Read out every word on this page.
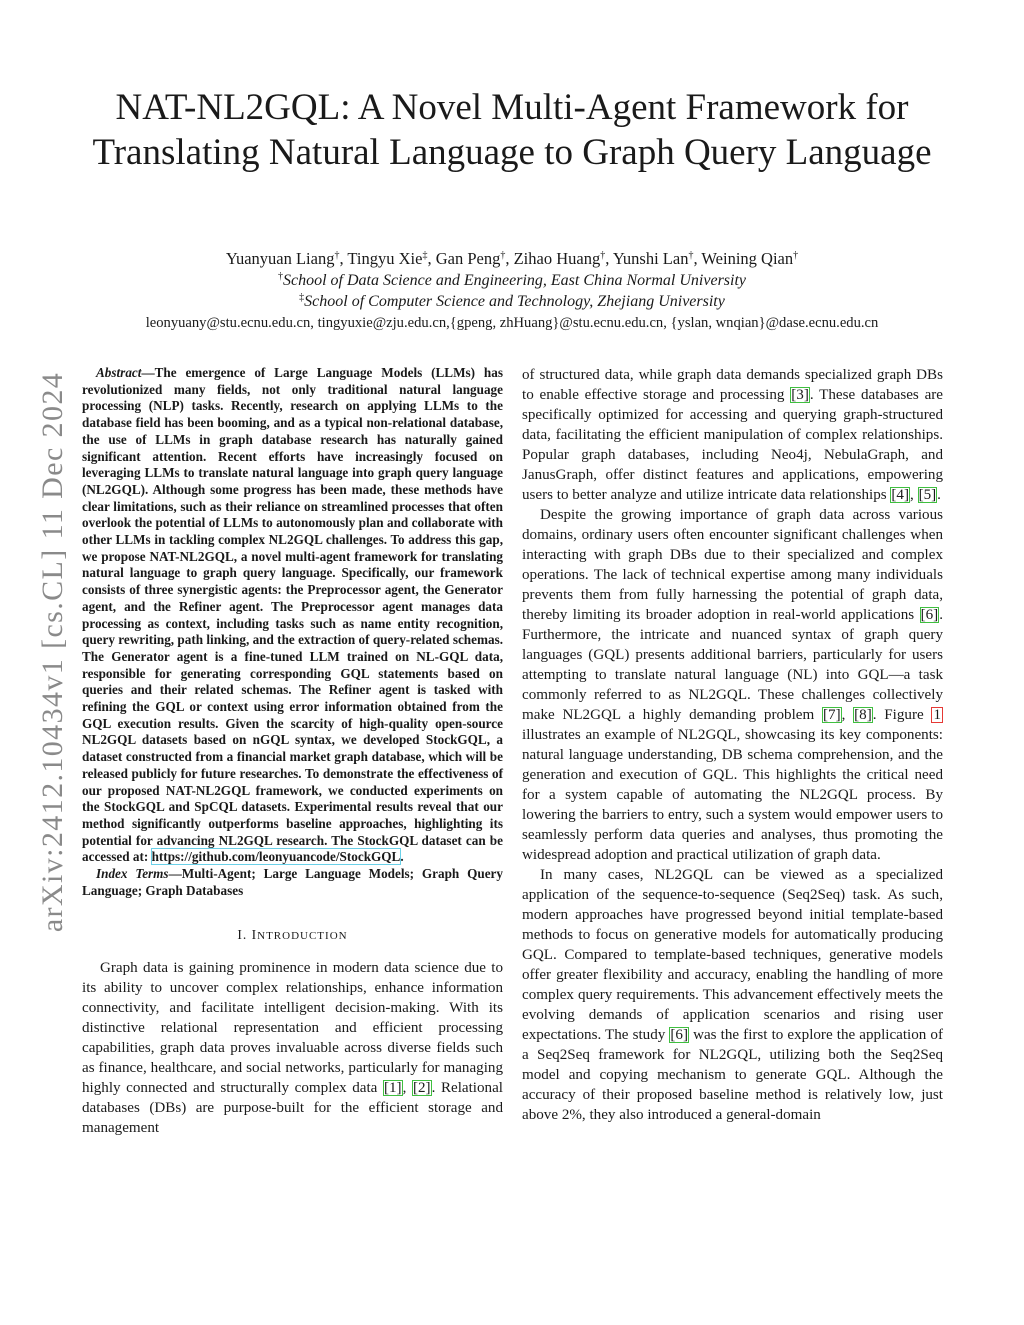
arXiv:2412.10434v1 [cs.CL] 11 Dec 2024
NAT-NL2GQL: A Novel Multi-Agent Framework for Translating Natural Language to Graph Query Language
Yuanyuan Liang†, Tingyu Xie‡, Gan Peng†, Zihao Huang†, Yunshi Lan†, Weining Qian†
†School of Data Science and Engineering, East China Normal University
‡School of Computer Science and Technology, Zhejiang University
leonyuany@stu.ecnu.edu.cn, tingyuxie@zju.edu.cn,{gpeng, zhHuang}@stu.ecnu.edu.cn, {yslan, wnqian}@dase.ecnu.edu.cn

Abstract—The emergence of Large Language Models (LLMs) has revolutionized many fields, not only traditional natural language processing (NLP) tasks. Recently, research on applying LLMs to the database field has been booming, and as a typical non-relational database, the use of LLMs in graph database research has naturally gained significant attention. Recent efforts have increasingly focused on leveraging LLMs to translate natural language into graph query language (NL2GQL). Although some progress has been made, these methods have clear limitations, such as their reliance on streamlined processes that often overlook the potential of LLMs to autonomously plan and collaborate with other LLMs in tackling complex NL2GQL challenges. To address this gap, we propose NAT-NL2GQL, a novel multi-agent framework for translating natural language to graph query language. Specifically, our framework consists of three synergistic agents: the Preprocessor agent, the Generator agent, and the Refiner agent. The Preprocessor agent manages data processing as context, including tasks such as name entity recognition, query rewriting, path linking, and the extraction of query-related schemas. The Generator agent is a fine-tuned LLM trained on NL-GQL data, responsible for generating corresponding GQL statements based on queries and their related schemas. The Refiner agent is tasked with refining the GQL or context using error information obtained from the GQL execution results. Given the scarcity of high-quality open-source NL2GQL datasets based on nGQL syntax, we developed StockGQL, a dataset constructed from a financial market graph database, which will be released publicly for future researches. To demonstrate the effectiveness of our proposed NAT-NL2GQL framework, we conducted experiments on the StockGQL and SpCQL datasets. Experimental results reveal that our method significantly outperforms baseline approaches, highlighting its potential for advancing NL2GQL research. The StockGQL dataset can be accessed at: https://github.com/leonyuancode/StockGQL.

Index Terms—Multi-Agent; Large Language Models; Graph Query Language; Graph Databases

I. INTRODUCTION

Graph data is gaining prominence in modern data science due to its ability to uncover complex relationships, enhance information connectivity, and facilitate intelligent decision-making. With its distinctive relational representation and efficient processing capabilities, graph data proves invaluable across diverse fields such as finance, healthcare, and social networks, particularly for managing highly connected and structurally complex data [1], [2]. Relational databases (DBs) are purpose-built for the efficient storage and management

of structured data, while graph data demands specialized graph DBs to enable effective storage and processing [3]. These databases are specifically optimized for accessing and querying graph-structured data, facilitating the efficient manipulation of complex relationships. Popular graph databases, including Neo4j, NebulaGraph, and JanusGraph, offer distinct features and applications, empowering users to better analyze and utilize intricate data relationships [4], [5].

Despite the growing importance of graph data across various domains, ordinary users often encounter significant challenges when interacting with graph DBs due to their specialized and complex operations. The lack of technical expertise among many individuals prevents them from fully harnessing the potential of graph data, thereby limiting its broader adoption in real-world applications [6]. Furthermore, the intricate and nuanced syntax of graph query languages (GQL) presents additional barriers, particularly for users attempting to translate natural language (NL) into GQL—a task commonly referred to as NL2GQL. These challenges collectively make NL2GQL a highly demanding problem [7], [8]. Figure 1 illustrates an example of NL2GQL, showcasing its key components: natural language understanding, DB schema comprehension, and the generation and execution of GQL. This highlights the critical need for a system capable of automating the NL2GQL process. By lowering the barriers to entry, such a system would empower users to seamlessly perform data queries and analyses, thus promoting the widespread adoption and practical utilization of graph data.

In many cases, NL2GQL can be viewed as a specialized application of the sequence-to-sequence (Seq2Seq) task. As such, modern approaches have progressed beyond initial template-based methods to focus on generative models for automatically producing GQL. Compared to template-based techniques, generative models offer greater flexibility and accuracy, enabling the handling of more complex query requirements. This advancement effectively meets the evolving demands of application scenarios and rising user expectations. The study [6] was the first to explore the application of a Seq2Seq framework for NL2GQL, utilizing both the Seq2Seq model and copying mechanism to generate GQL. Although the accuracy of their proposed baseline method is relatively low, just above 2%, they also introduced a general-domain
